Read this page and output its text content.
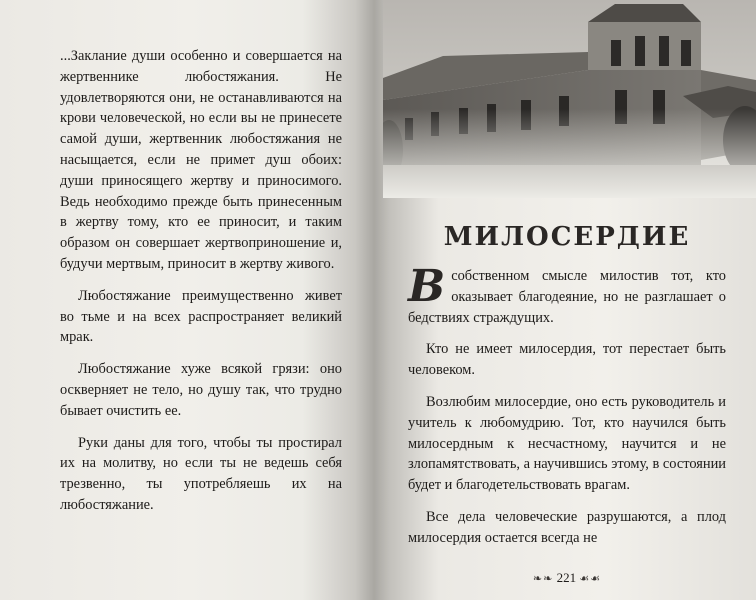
...Заклание души особенно и совершается на жертвеннике любостяжания. Не удовлетворяются они, не останавливаются на крови человеческой, но если вы не принесете самой души, жертвенник любостяжания не насыщается, если не примет душ обоих: души приносящего жертву и приносимого. Ведь необходимо прежде быть принесенным в жертву тому, кто ее приносит, и таким образом он совершает жертвоприношение и, будучи мертвым, приносит в жертву живого.

Любостяжание преимущественно живет во тьме и на всех распространяет великий мрак.

Любостяжание хуже всякой грязи: оно оскверняет не тело, но душу так, что трудно бывает очистить ее.

Руки даны для того, чтобы ты простирал их на молитву, но если ты не ведешь себя трезвенно, ты употребляешь их на любостяжание.

МИЛОСЕРДИЕ

Всобственном смысле милостив тот, кто оказывает благодеяние, но не разглашает о бедствиях страждущих.

Кто не имеет милосердия, тот перестает быть человеком.

Возлюбим милосердие, оно есть руководитель и учитель к любомудрию. Тот, кто научился быть милосердным к несчастному, научится и не злопамятствовать, а научившись этому, в состоянии будет и благодетельствовать врагам.

Все дела человеческие разрушаются, а плод милосердия остается всегда не

❧❧ 221 ☙☙
